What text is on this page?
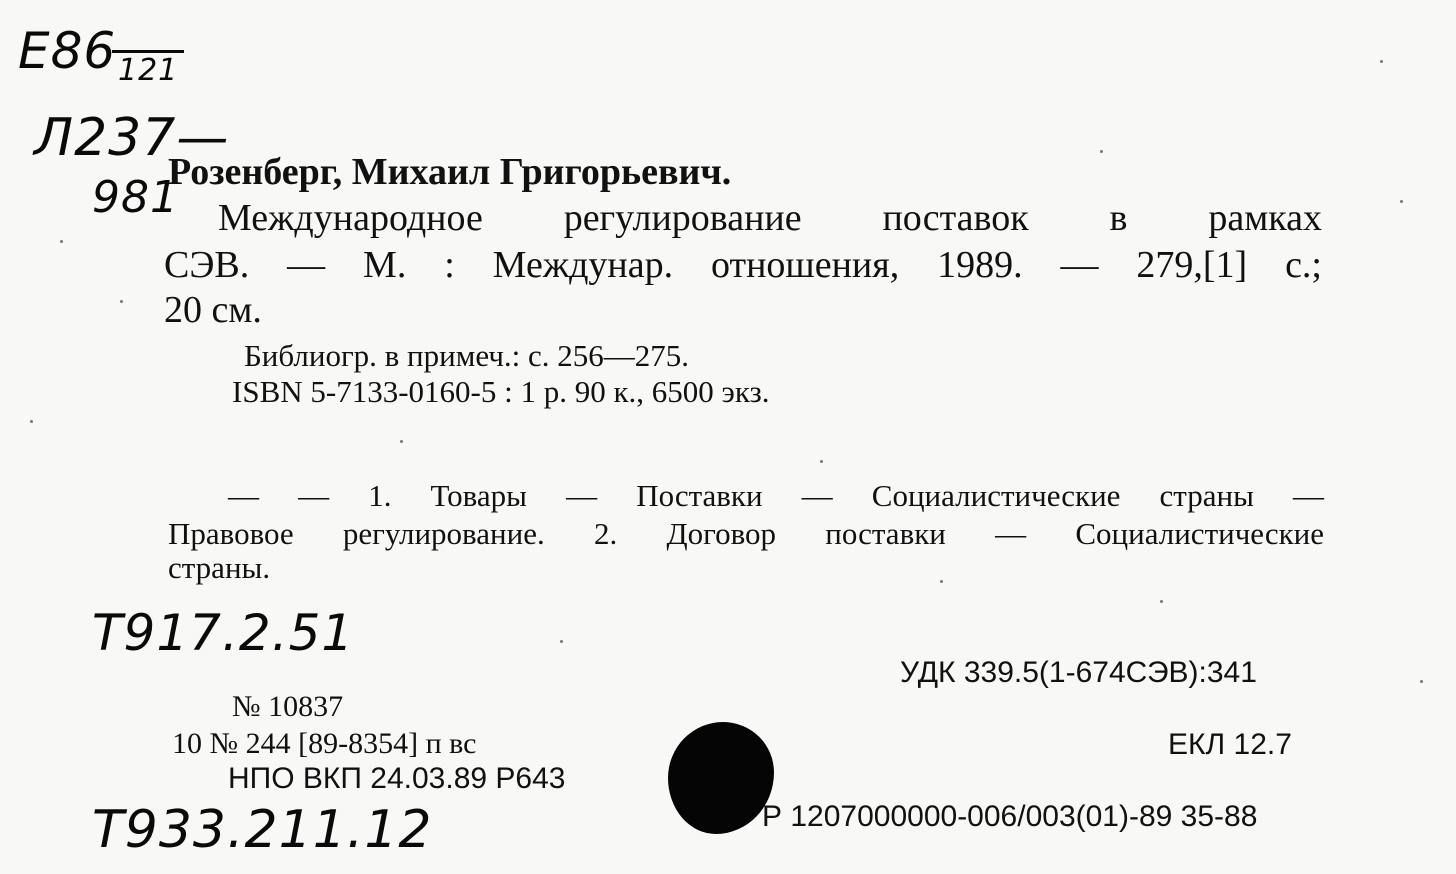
Е86 121
Л237—
981
Розенберг, Михаил Григорьевич.
Международное регулирование поставок в рамках
СЭВ. — М. : Междунар. отношения, 1989. — 279,[1] с.;
20 см.
Библиогр. в примеч.: с. 256—275.
ISBN 5-7133-0160-5 : 1 р. 90 к., 6500 экз.
— — 1. Товары — Поставки — Социалистические страны —
Правовое регулирование. 2. Договор поставки — Социалистические
страны.
Т917.2.51
УДК 339.5(1-674СЭВ):341
№ 10837
10 № 244 [89-8354] п вс	ЕКЛ 12.7
НПО ВКП 24.03.89 Р643
Т933.211.12	Р 1207000000-006/003(01)-89 35-88
